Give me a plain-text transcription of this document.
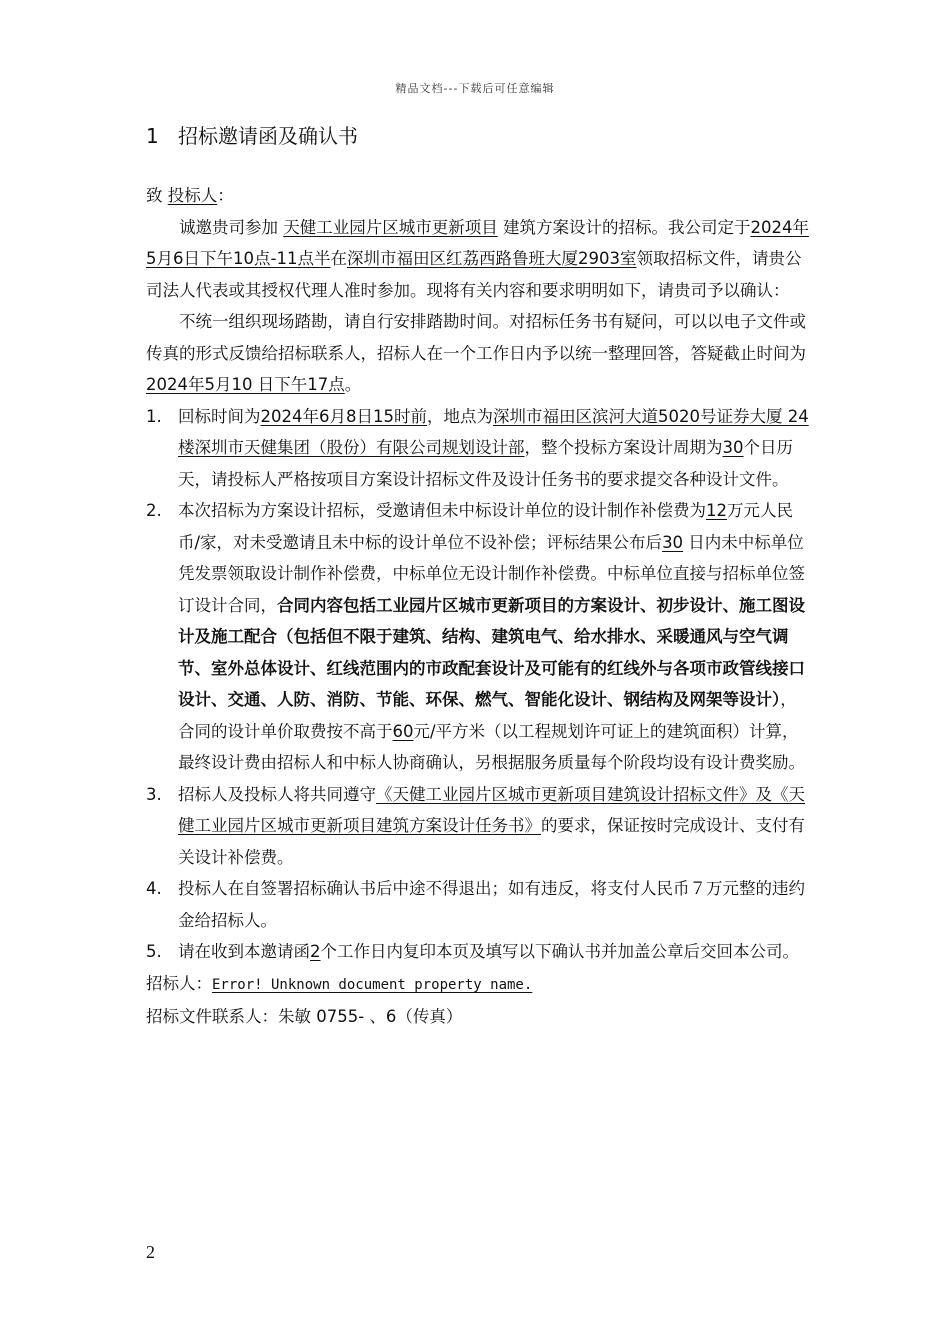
精品文档---下载后可任意编辑
1 招标邀请函及确认书

致 投标人：

诚邀贵司参加 天健工业园片区城市更新项目 建筑方案设计的招标。我公司定于2024年5月6日下午10点-11点半在深圳市福田区红荔西路鲁班大厦2903室领取招标文件，请贵公司法人代表或其授权代理人准时参加。现将有关内容和要求明明如下，请贵司予以确认：

不统一组织现场踏勘，请自行安排踏勘时间。对招标任务书有疑问，可以以电子文件或传真的形式反馈给招标联系人，招标人在一个工作日内予以统一整理回答，答疑截止时间为2024年5月10 日下午17点。

1. 回标时间为2024年6月8日15时前，地点为深圳市福田区滨河大道5020号证券大厦 24楼深圳市天健集团（股份）有限公司规划设计部，整个投标方案设计周期为30个日历天，请投标人严格按项目方案设计招标文件及设计任务书的要求提交各种设计文件。
2. 本次招标为方案设计招标，受邀请但未中标设计单位的设计制作补偿费为12万元人民币/家，对未受邀请且未中标的设计单位不设补偿；评标结果公布后30 日内未中标单位凭发票领取设计制作补偿费，中标单位无设计制作补偿费。中标单位直接与招标单位签订设计合同，合同内容包括工业园片区城市更新项目的方案设计、初步设计、施工图设计及施工配合（包括但不限于建筑、结构、建筑电气、给水排水、采暖通风与空气调节、室外总体设计、红线范围内的市政配套设计及可能有的红线外与各项市政管线接口设计、交通、人防、消防、节能、环保、燃气、智能化设计、钢结构及网架等设计），合同的设计单价取费按不高于60元/平方米（以工程规划许可证上的建筑面积）计算，最终设计费由招标人和中标人协商确认，另根据服务质量每个阶段均设有设计费奖励。
3. 招标人及投标人将共同遵守《天健工业园片区城市更新项目建筑设计招标文件》及《天健工业园片区城市更新项目建筑方案设计任务书》的要求，保证按时完成设计、支付有关设计补偿费。
4. 投标人在自签署招标确认书后中途不得退出；如有违反，将支付人民币７万元整的违约金给招标人。
5. 请在收到本邀请函2个工作日内复印本页及填写以下确认书并加盖公章后交回本公司。

招标人：Error! Unknown document property name.

招标文件联系人：朱敏 0755- 、6（传真）

2
